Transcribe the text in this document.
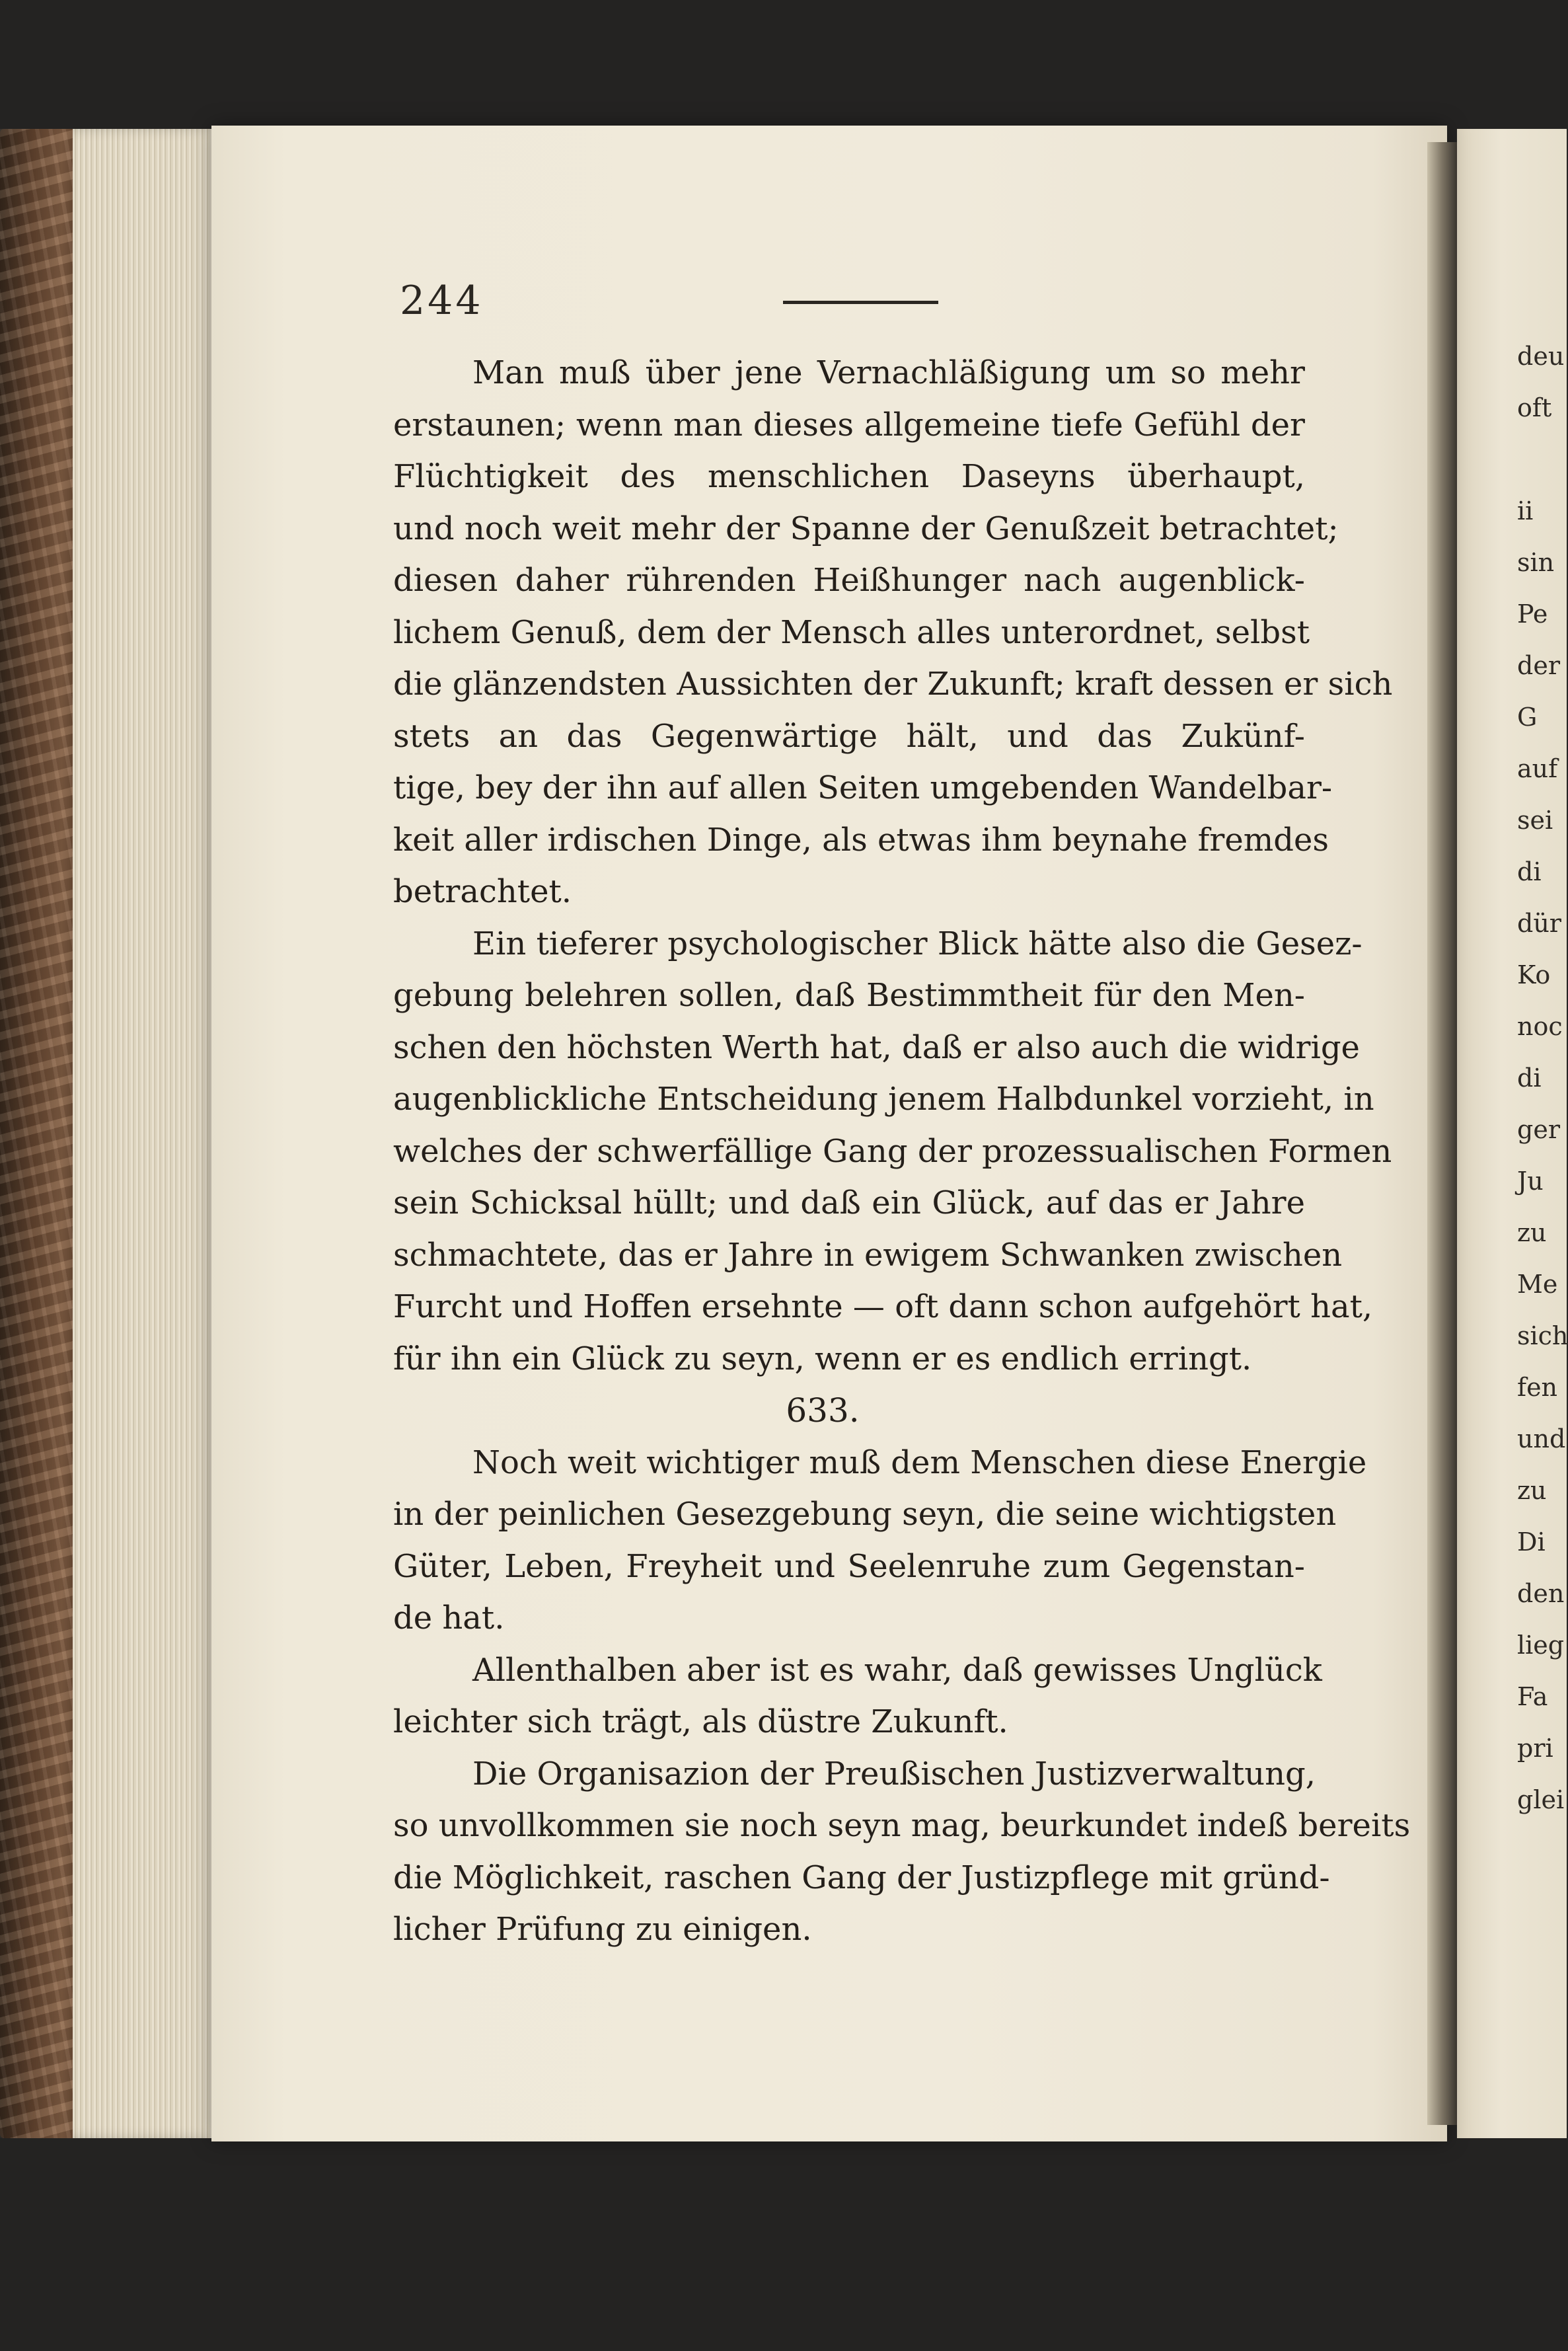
244

Man muß über jene Vernachläßigung um so mehr
erstaunen; wenn man dieses allgemeine tiefe Gefühl der
Flüchtigkeit des menschlichen Daseyns überhaupt,
und noch weit mehr der Spanne der Genußzeit betrachtet;
diesen daher rührenden Heißhunger nach augenblick-
lichem Genuß, dem der Mensch alles unterordnet, selbst
die glänzendsten Aussichten der Zukunft; kraft dessen er sich
stets an das Gegenwärtige hält, und das Zukünf-
tige, bey der ihn auf allen Seiten umgebenden Wandelbar-
keit aller irdischen Dinge, als etwas ihm beynahe fremdes
betrachtet.

Ein tieferer psychologischer Blick hätte also die Gesez-
gebung belehren sollen, daß Bestimmtheit für den Men-
schen den höchsten Werth hat, daß er also auch die widrige
augenblickliche Entscheidung jenem Halbdunkel vorzieht, in
welches der schwerfällige Gang der prozessualischen Formen
sein Schicksal hüllt; und daß ein Glück, auf das er Jahre
schmachtete, das er Jahre in ewigem Schwanken zwischen
Furcht und Hoffen ersehnte — oft dann schon aufgehört hat,
für ihn ein Glück zu seyn, wenn er es endlich erringt.

633.

Noch weit wichtiger muß dem Menschen diese Energie
in der peinlichen Gesezgebung seyn, die seine wichtigsten
Güter, Leben, Freyheit und Seelenruhe zum Gegenstan-
de hat.

Allenthalben aber ist es wahr, daß gewisses Unglück
leichter sich trägt, als düstre Zukunft.

Die Organisazion der Preußischen Justizverwaltung,
so unvollkommen sie noch seyn mag, beurkundet indeß bereits
die Möglichkeit, raschen Gang der Justizpflege mit gründ-
licher Prüfung zu einigen.

deu
oft

ii
sin
Pe
der
G
auf
sei
di
dür
Ko
noc
di
ger
Ju
zu
Me
sich
fen
und
zu
Di
den
lieg
Fa
pri
glei
